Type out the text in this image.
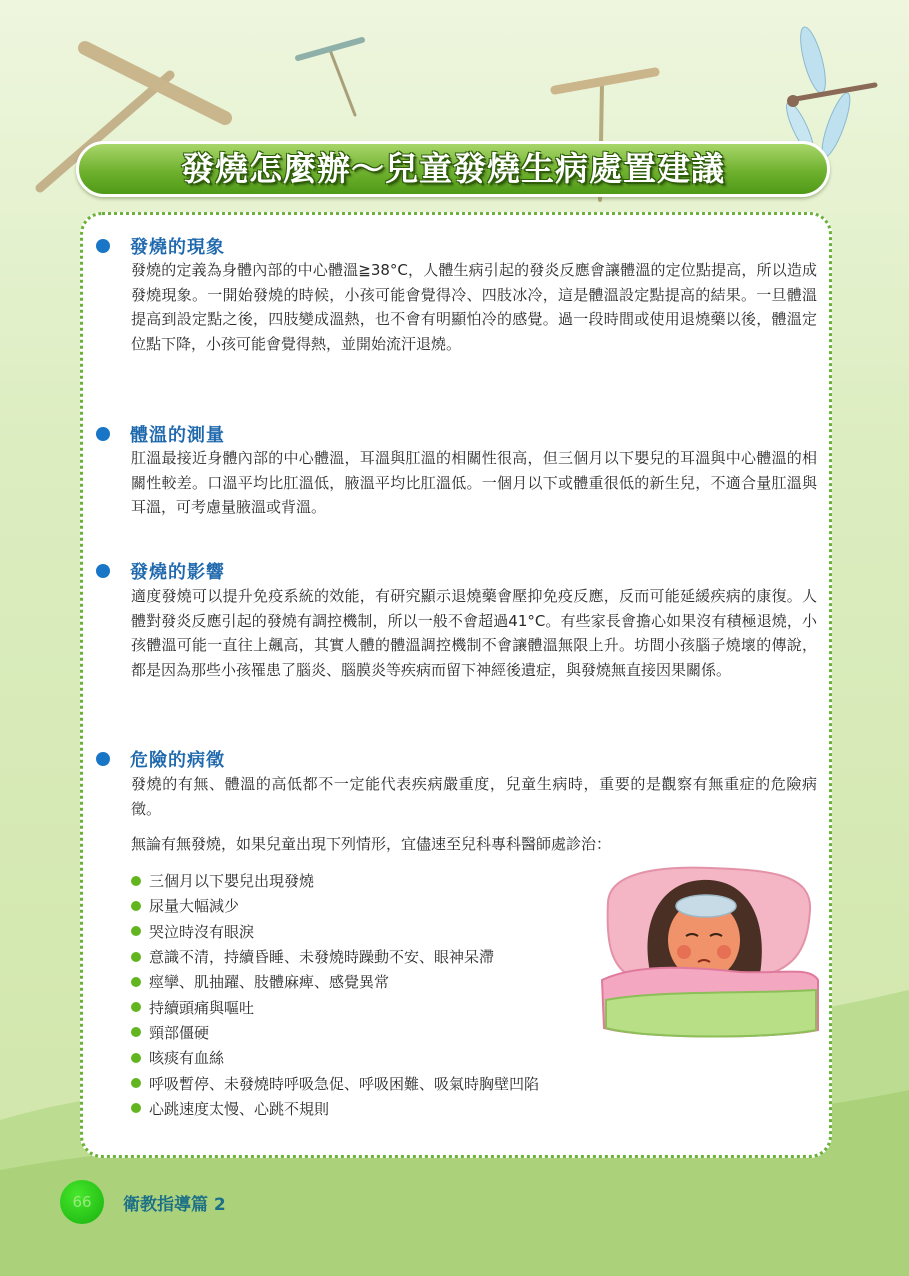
發燒怎麼辦～兒童發燒生病處置建議
發燒的現象

發燒的定義為身體內部的中心體溫≧38°C，人體生病引起的發炎反應會讓體溫的定位點提高，所以造成發燒現象。一開始發燒的時候，小孩可能會覺得冷、四肢冰冷，這是體溫設定點提高的結果。一旦體溫提高到設定點之後，四肢變成溫熱，也不會有明顯怕冷的感覺。過一段時間或使用退燒藥以後，體溫定位點下降，小孩可能會覺得熱，並開始流汗退燒。

體溫的測量

肛溫最接近身體內部的中心體溫，耳溫與肛溫的相關性很高，但三個月以下嬰兒的耳溫與中心體溫的相關性較差。口溫平均比肛溫低，腋溫平均比肛溫低。一個月以下或體重很低的新生兒，不適合量肛溫與耳溫，可考慮量腋溫或背溫。

發燒的影響

適度發燒可以提升免疫系統的效能，有研究顯示退燒藥會壓抑免疫反應，反而可能延緩疾病的康復。人體對發炎反應引起的發燒有調控機制，所以一般不會超過41°C。有些家長會擔心如果沒有積極退燒，小孩體溫可能一直往上飆高，其實人體的體溫調控機制不會讓體溫無限上升。坊間小孩腦子燒壞的傳說，都是因為那些小孩罹患了腦炎、腦膜炎等疾病而留下神經後遺症，與發燒無直接因果關係。

危險的病徵

發燒的有無、體溫的高低都不一定能代表疾病嚴重度，兒童生病時，重要的是觀察有無重症的危險病徵。

無論有無發燒，如果兒童出現下列情形，宜儘速至兒科專科醫師處診治：

三個月以下嬰兒出現發燒
尿量大幅減少
哭泣時沒有眼淚
意識不清，持續昏睡、未發燒時躁動不安、眼神呆滯
痙攣、肌抽躍、肢體麻痺、感覺異常
持續頭痛與嘔吐
頸部僵硬
咳痰有血絲
呼吸暫停、未發燒時呼吸急促、呼吸困難、吸氣時胸壁凹陷
心跳速度太慢、心跳不規則
66	衛教指導篇 2
